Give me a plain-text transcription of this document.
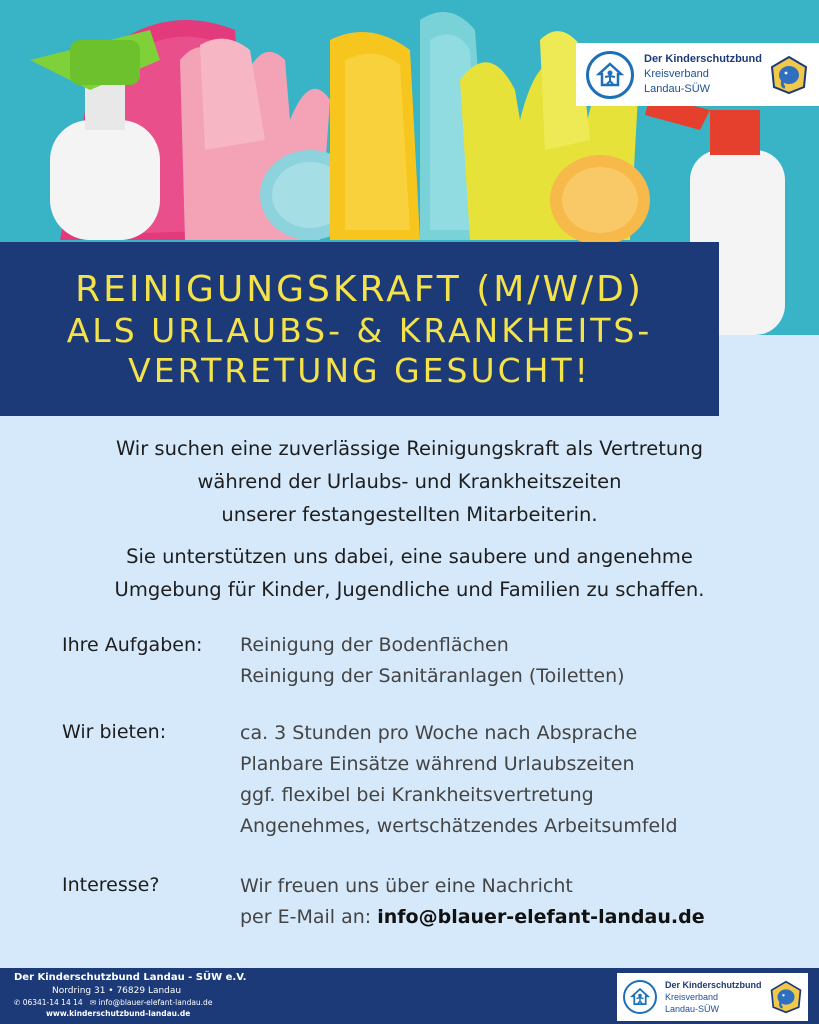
Der Kinderschutzbund
Kreisverband
Landau-SÜW
REINIGUNGSKRAFT (M/W/D)
ALS URLAUBS- & KRANKHEITS-
VERTRETUNG GESUCHT!
Wir suchen eine zuverlässige Reinigungskraft als Vertretung
während der Urlaubs- und Krankheitszeiten
unserer festangestellten Mitarbeiterin.
Sie unterstützen uns dabei, eine saubere und angenehme
Umgebung für Kinder, Jugendliche und Familien zu schaffen.
Ihre Aufgaben: Reinigung der Bodenflächen
Reinigung der Sanitäranlagen (Toiletten)
Wir bieten:	ca. 3 Stunden pro Woche nach Absprache
Planbare Einsätze während Urlaubszeiten
ggf. flexibel bei Krankheitsvertretung
Angenehmes, wertschätzendes Arbeitsumfeld
Interesse?	Wir freuen uns über eine Nachricht
per E-Mail an: info@blauer-elefant-landau.de
Der Kinderschutzbund Landau - SÜW e.V.
Nordring 31 • 76829 Landau
✆ 06341-14 14 14 ✉ info@blauer-elefant-landau.de
www.kinderschutzbund-landau.de
Der Kinderschutzbund
Kreisverband
Landau-SÜW
